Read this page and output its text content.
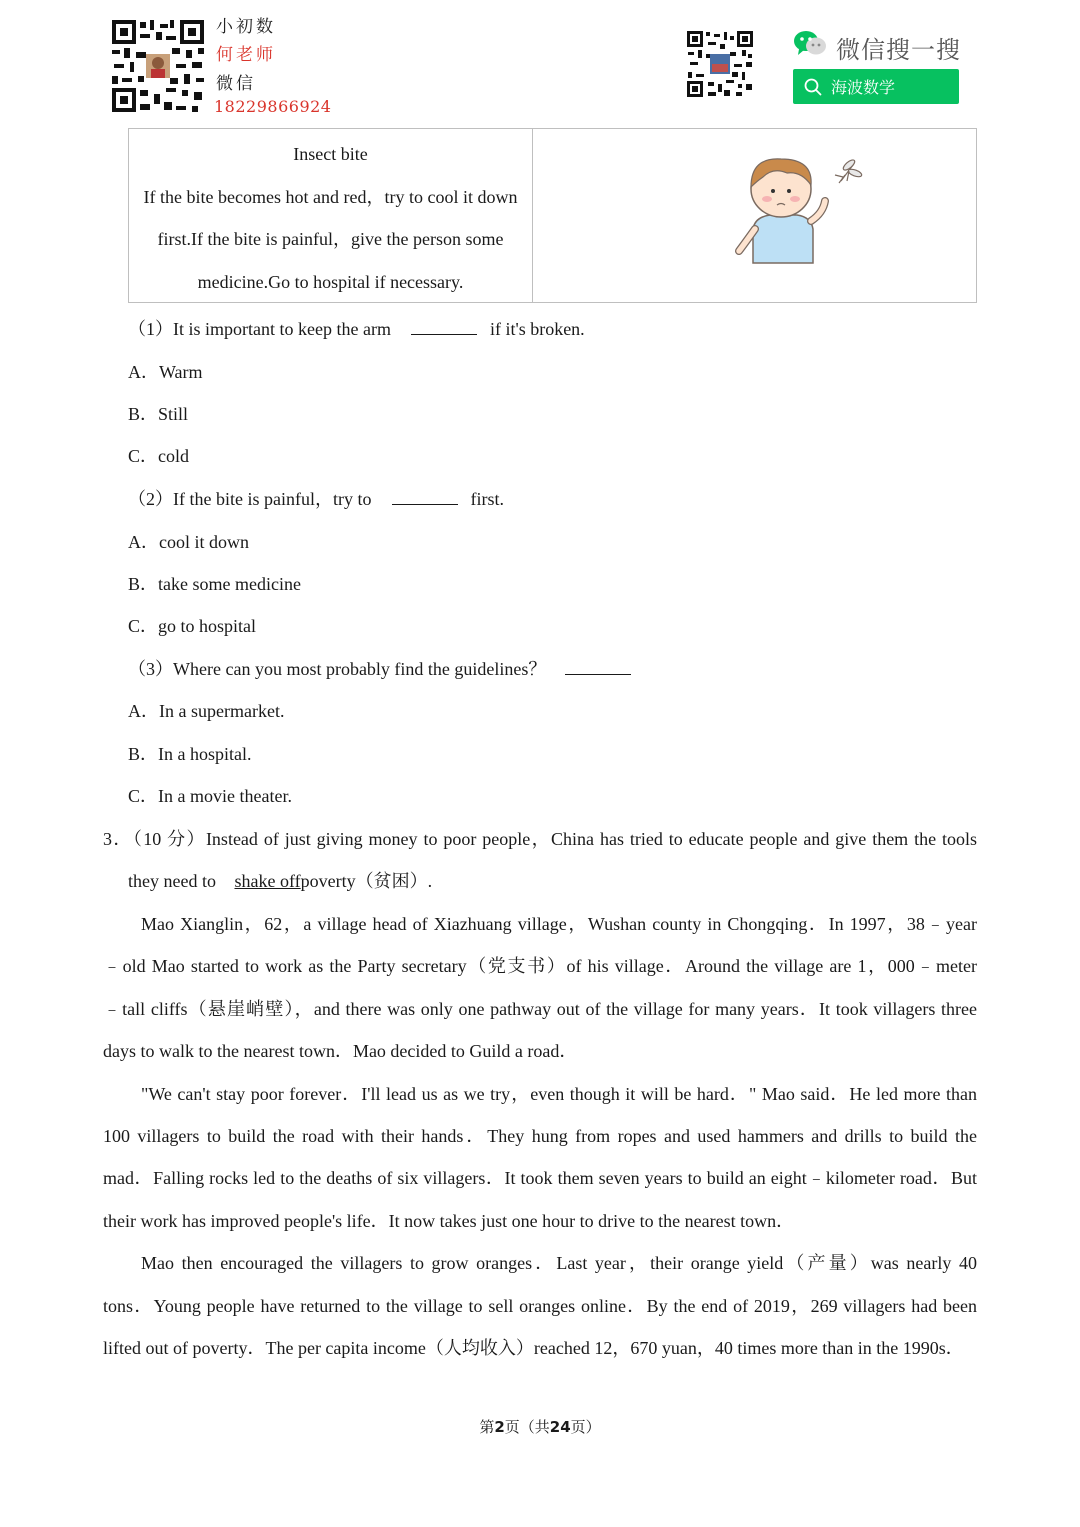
小初数
何老师
微信
18229866924
微信搜一搜
海波数学
Insect bite
If the bite becomes hot and red，try to cool it down
first.If the bite is painful，give the person some
medicine.Go to hospital if necessary.
（1）It is important to keep the arm	if it's broken.
A．Warm
B．Still
C．cold
（2）If the bite is painful，try to	first.
A．cool it down
B．take some medicine
C．go to hospital
（3）Where can you most probably find the guidelines？
A．In a supermarket.
B．In a hospital.
C．In a movie theater.
3．（10 分）Instead of just giving money to poor people，China has tried to educate people and give them the tools
they need to shake offpoverty（贫困）.
Mao Xianglin，62，a village head of Xiazhuang village，Wushan county in Chongqing．In 1997，38﹣year
﹣old Mao started to work as the Party secretary（党支书）of his village．Around the village are 1，000﹣meter
﹣tall cliffs（悬崖峭壁），and there was only one pathway out of the village for many years．It took villagers three
days to walk to the nearest town．Mao decided to Guild a road．
"We can't stay poor forever．I'll lead us as we try，even though it will be hard．" Mao said．He led more than
100 villagers to build the road with their hands．They hung from ropes and used hammers and drills to build the
mad．Falling rocks led to the deaths of six villagers．It took them seven years to build an eight﹣kilometer road．But
their work has improved people's life．It now takes just one hour to drive to the nearest town．
Mao then encouraged the villagers to grow oranges．Last year，their orange yield（产量）was nearly 40
tons．Young people have returned to the village to sell oranges online．By the end of 2019，269 villagers had been
lifted out of poverty．The per capita income（人均收入）reached 12，670 yuan，40 times more than in the 1990s．
第2页（共24页）
